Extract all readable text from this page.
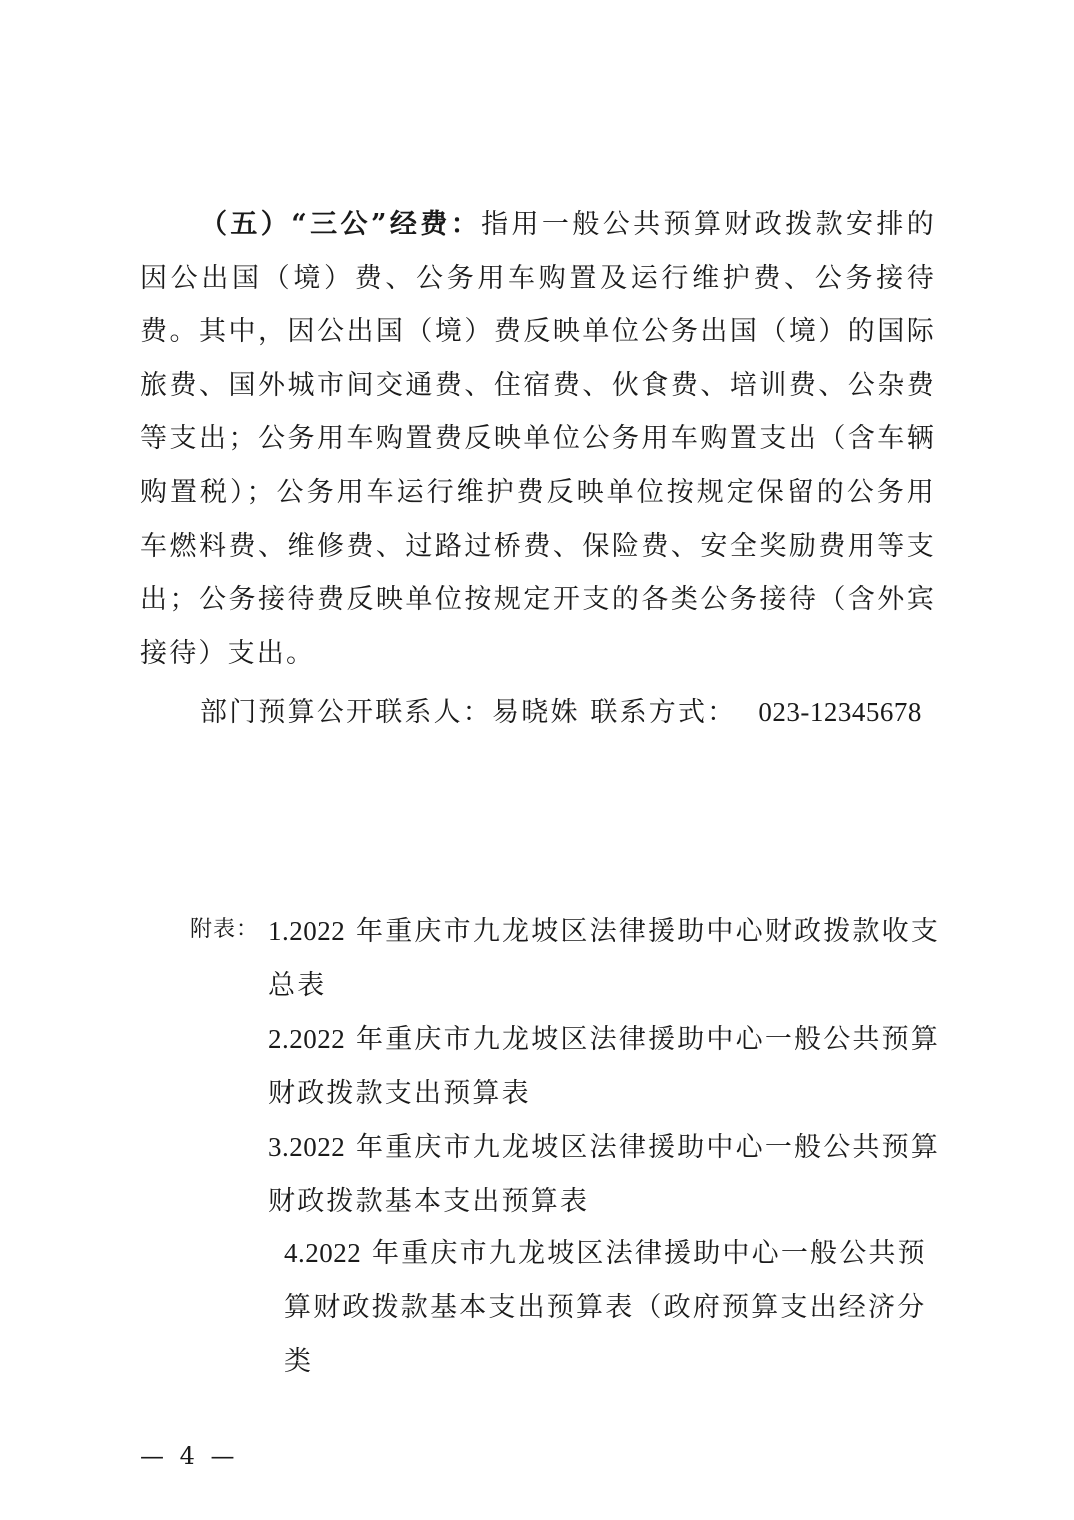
（五）“三公”经费：指用一般公共预算财政拨款安排的因公出国（境）费、公务用车购置及运行维护费、公务接待费。其中，因公出国（境）费反映单位公务出国（境）的国际旅费、国外城市间交通费、住宿费、伙食费、培训费、公杂费等支出；公务用车购置费反映单位公务用车购置支出（含车辆购置税）；公务用车运行维护费反映单位按规定保留的公务用车燃料费、维修费、过路过桥费、保险费、安全奖励费用等支出；公务接待费反映单位按规定开支的各类公务接待（含外宾接待）支出。

部门预算公开联系人：易晓姝 联系方式： 023-12345678
附表： 1.2022 年重庆市九龙坡区法律援助中心财政拨款收支总表

2.2022 年重庆市九龙坡区法律援助中心一般公共预算财政拨款支出预算表

3.2022 年重庆市九龙坡区法律援助中心一般公共预算财政拨款基本支出预算表

4.2022 年重庆市九龙坡区法律援助中心一般公共预算财政拨款基本支出预算表（政府预算支出经济分类

— 4 —
